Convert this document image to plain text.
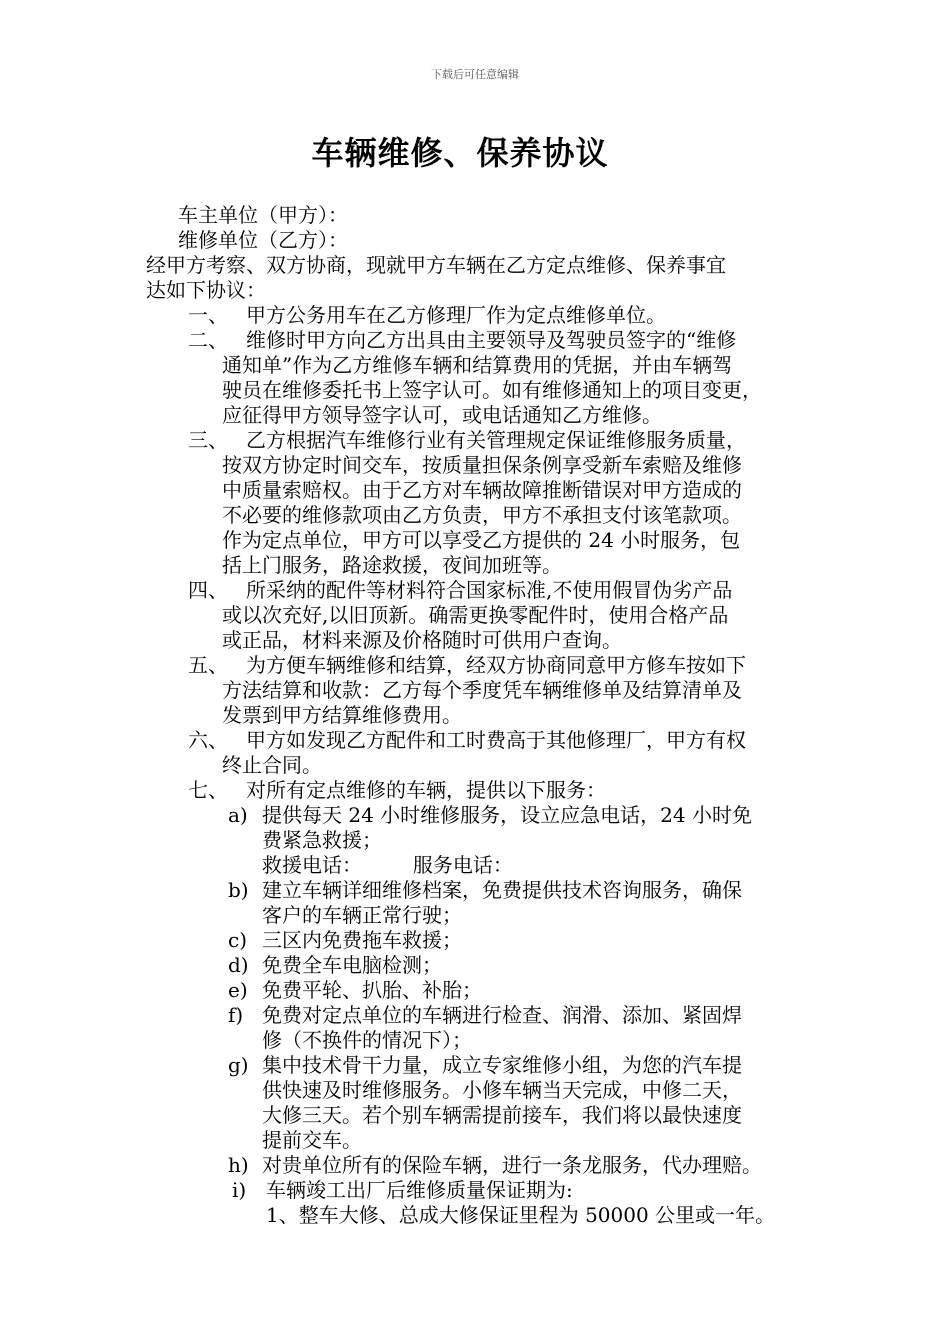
下载后可任意编辑
车辆维修、保养协议
车主单位（甲方）：
维修单位（乙方）：
经甲方考察、双方协商，现就甲方车辆在乙方定点维修、保养事宜
达如下协议：
一、 甲方公务用车在乙方修理厂作为定点维修单位。
二、 维修时甲方向乙方出具由主要领导及驾驶员签字的“维修
通知单”作为乙方维修车辆和结算费用的凭据，并由车辆驾
驶员在维修委托书上签字认可。如有维修通知上的项目变更，
应征得甲方领导签字认可，或电话通知乙方维修。
三、 乙方根据汽车维修行业有关管理规定保证维修服务质量，
按双方协定时间交车，按质量担保条例享受新车索赔及维修
中质量索赔权。由于乙方对车辆故障推断错误对甲方造成的
不必要的维修款项由乙方负责，甲方不承担支付该笔款项。
作为定点单位，甲方可以享受乙方提供的 24 小时服务，包
括上门服务，路途救援，夜间加班等。
四、 所采纳的配件等材料符合国家标准,不使用假冒伪劣产品
或以次充好,以旧顶新。确需更换零配件时，使用合格产品
或正品，材料来源及价格随时可供用户查询。
五、 为方便车辆维修和结算，经双方协商同意甲方修车按如下
方法结算和收款：乙方每个季度凭车辆维修单及结算清单及
发票到甲方结算维修费用。
六、 甲方如发现乙方配件和工时费高于其他修理厂，甲方有权
终止合同。
七、 对所有定点维修的车辆，提供以下服务：
a) 提供每天 24 小时维修服务，设立应急电话，24 小时免
费紧急救援；
救援电话：        服务电话：
b) 建立车辆详细维修档案，免费提供技术咨询服务，确保
客户的车辆正常行驶；
c) 三区内免费拖车救援；
d) 免费全车电脑检测；
e) 免费平轮、扒胎、补胎；
f) 免费对定点单位的车辆进行检查、润滑、添加、紧固焊
修（不换件的情况下）；
g) 集中技术骨干力量，成立专家维修小组，为您的汽车提
供快速及时维修服务。小修车辆当天完成，中修二天，
大修三天。若个别车辆需提前接车，我们将以最快速度
提前交车。
h) 对贵单位所有的保险车辆，进行一条龙服务，代办理赔。
i) 车辆竣工出厂后维修质量保证期为:
1、整车大修、总成大修保证里程为 50000 公里或一年。
